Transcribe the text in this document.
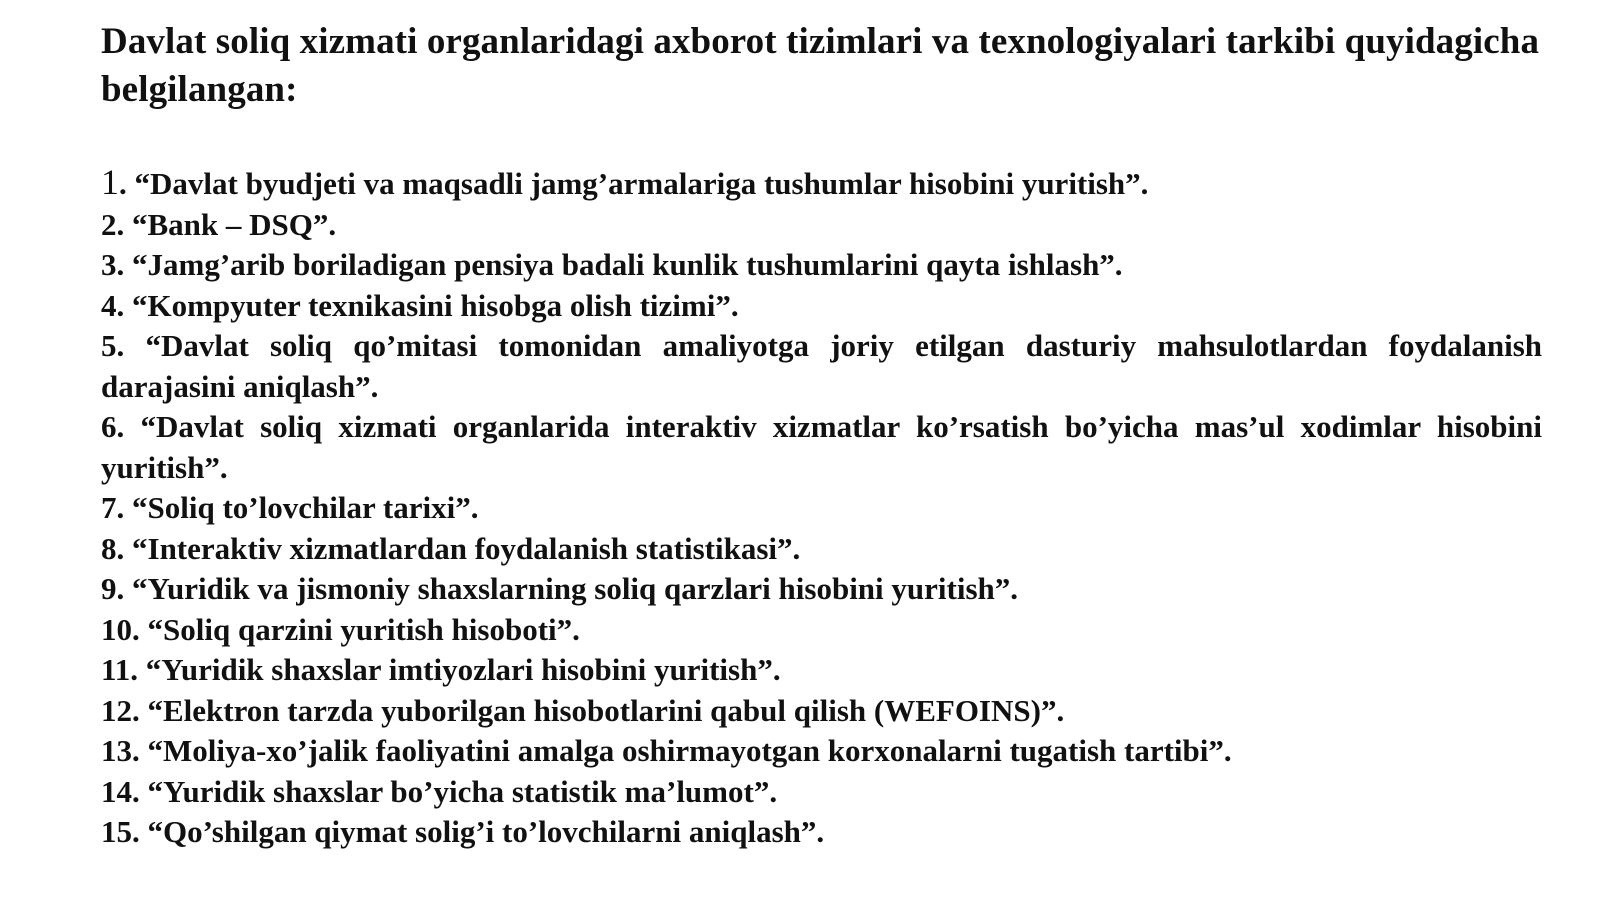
Davlat soliq xizmati organlaridagi axborot tizimlari va texnologiyalari tarkibi quyidagicha belgilangan:

1. “Davlat byudjeti va maqsadli jamg’armalariga tushumlar hisobini yuritish”.

2. “Bank – DSQ”.

3. “Jamg’arib boriladigan pensiya badali kunlik tushumlarini qayta ishlash”.

4. “Kompyuter texnikasini hisobga olish tizimi”.

5. “Davlat soliq qo’mitasi tomonidan amaliyotga joriy etilgan dasturiy mahsulotlardan foydalanish darajasini aniqlash”.

6. “Davlat soliq xizmati organlarida interaktiv xizmatlar ko’rsatish bo’yicha mas’ul xodimlar hisobini yuritish”.

7. “Soliq to’lovchilar tarixi”.

8. “Interaktiv xizmatlardan foydalanish statistikasi”.

9. “Yuridik va jismoniy shaxslarning soliq qarzlari hisobini yuritish”.

10. “Soliq qarzini yuritish hisoboti”.

11. “Yuridik shaxslar imtiyozlari hisobini yuritish”.

12. “Elektron tarzda yuborilgan hisobotlarini qabul qilish (WEFOINS)”.

13. “Moliya-xo’jalik faoliyatini amalga oshirmayotgan korxonalarni tugatish tartibi”.

14. “Yuridik shaxslar bo’yicha statistik ma’lumot”.

15. “Qo’shilgan qiymat solig’i to’lovchilarni aniqlash”.
